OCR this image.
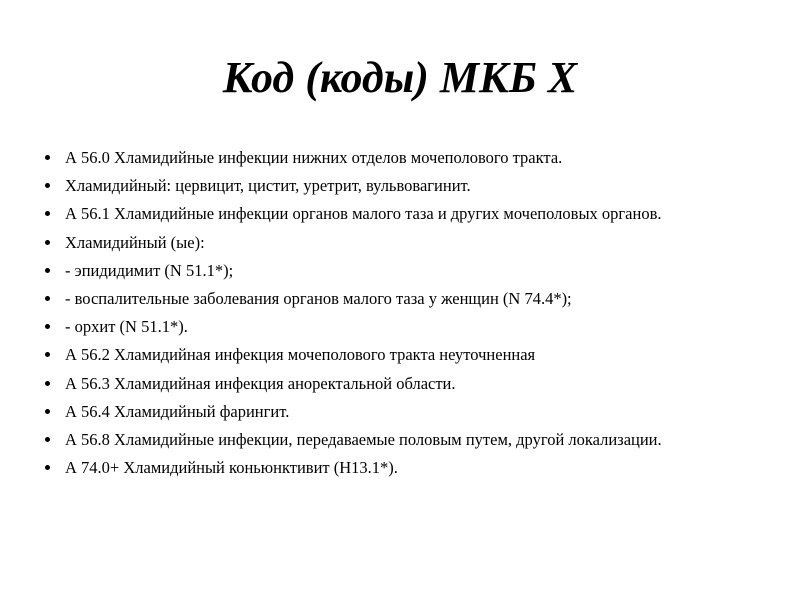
Код (коды) МКБ X
А 56.0 Хламидийные инфекции нижних отделов мочеполового тракта.
Хламидийный: цервицит, цистит, уретрит, вульвовагинит.
А 56.1 Хламидийные инфекции органов малого таза и других мочеполовых органов.
Хламидийный (ые):
- эпидидимит (N 51.1*);
- воспалительные заболевания органов малого таза у женщин (N 74.4*);
- орхит (N 51.1*).
А 56.2 Хламидийная инфекция мочеполового тракта неуточненная
А 56.3 Хламидийная инфекция аноректальной области.
А 56.4 Хламидийный фарингит.
А 56.8 Хламидийные инфекции, передаваемые половым путем, другой локализации.
А 74.0+ Хламидийный коньюнктивит (Н13.1*).
